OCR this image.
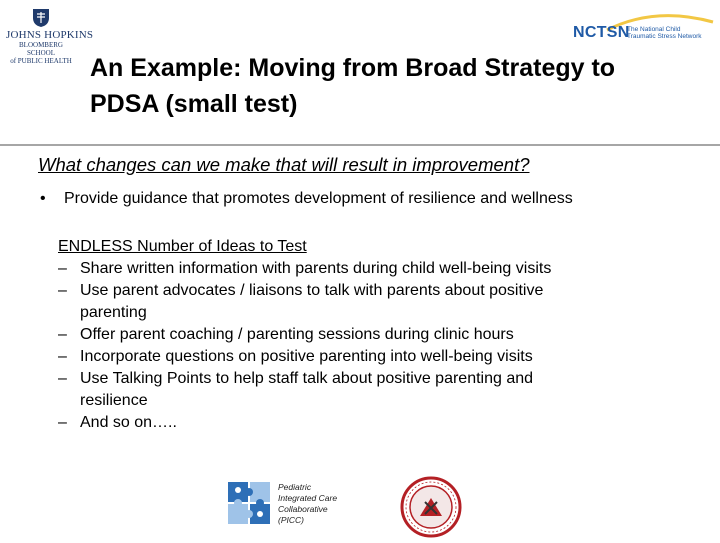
JOHNS HOPKINS
BLOOMBERG SCHOOL
of PUBLIC HEALTH
NCTSN
The National Child
Traumatic Stress Network
An Example: Moving from Broad Strategy to
PDSA (small test)
What changes can we make that will result in improvement?
• Provide guidance that promotes development of resilience and wellness
ENDLESS Number of Ideas to Test
– Share written information with parents during child well-being visits
– Use parent advocates / liaisons to talk with parents about positive
parenting
– Offer parent coaching / parenting sessions during clinic hours
– Incorporate questions on positive parenting into well-being visits
– Use Talking Points to help staff talk about positive parenting and
resilience
– And so on…..
Pediatric
Integrated Care
Collaborative
(PICC)
